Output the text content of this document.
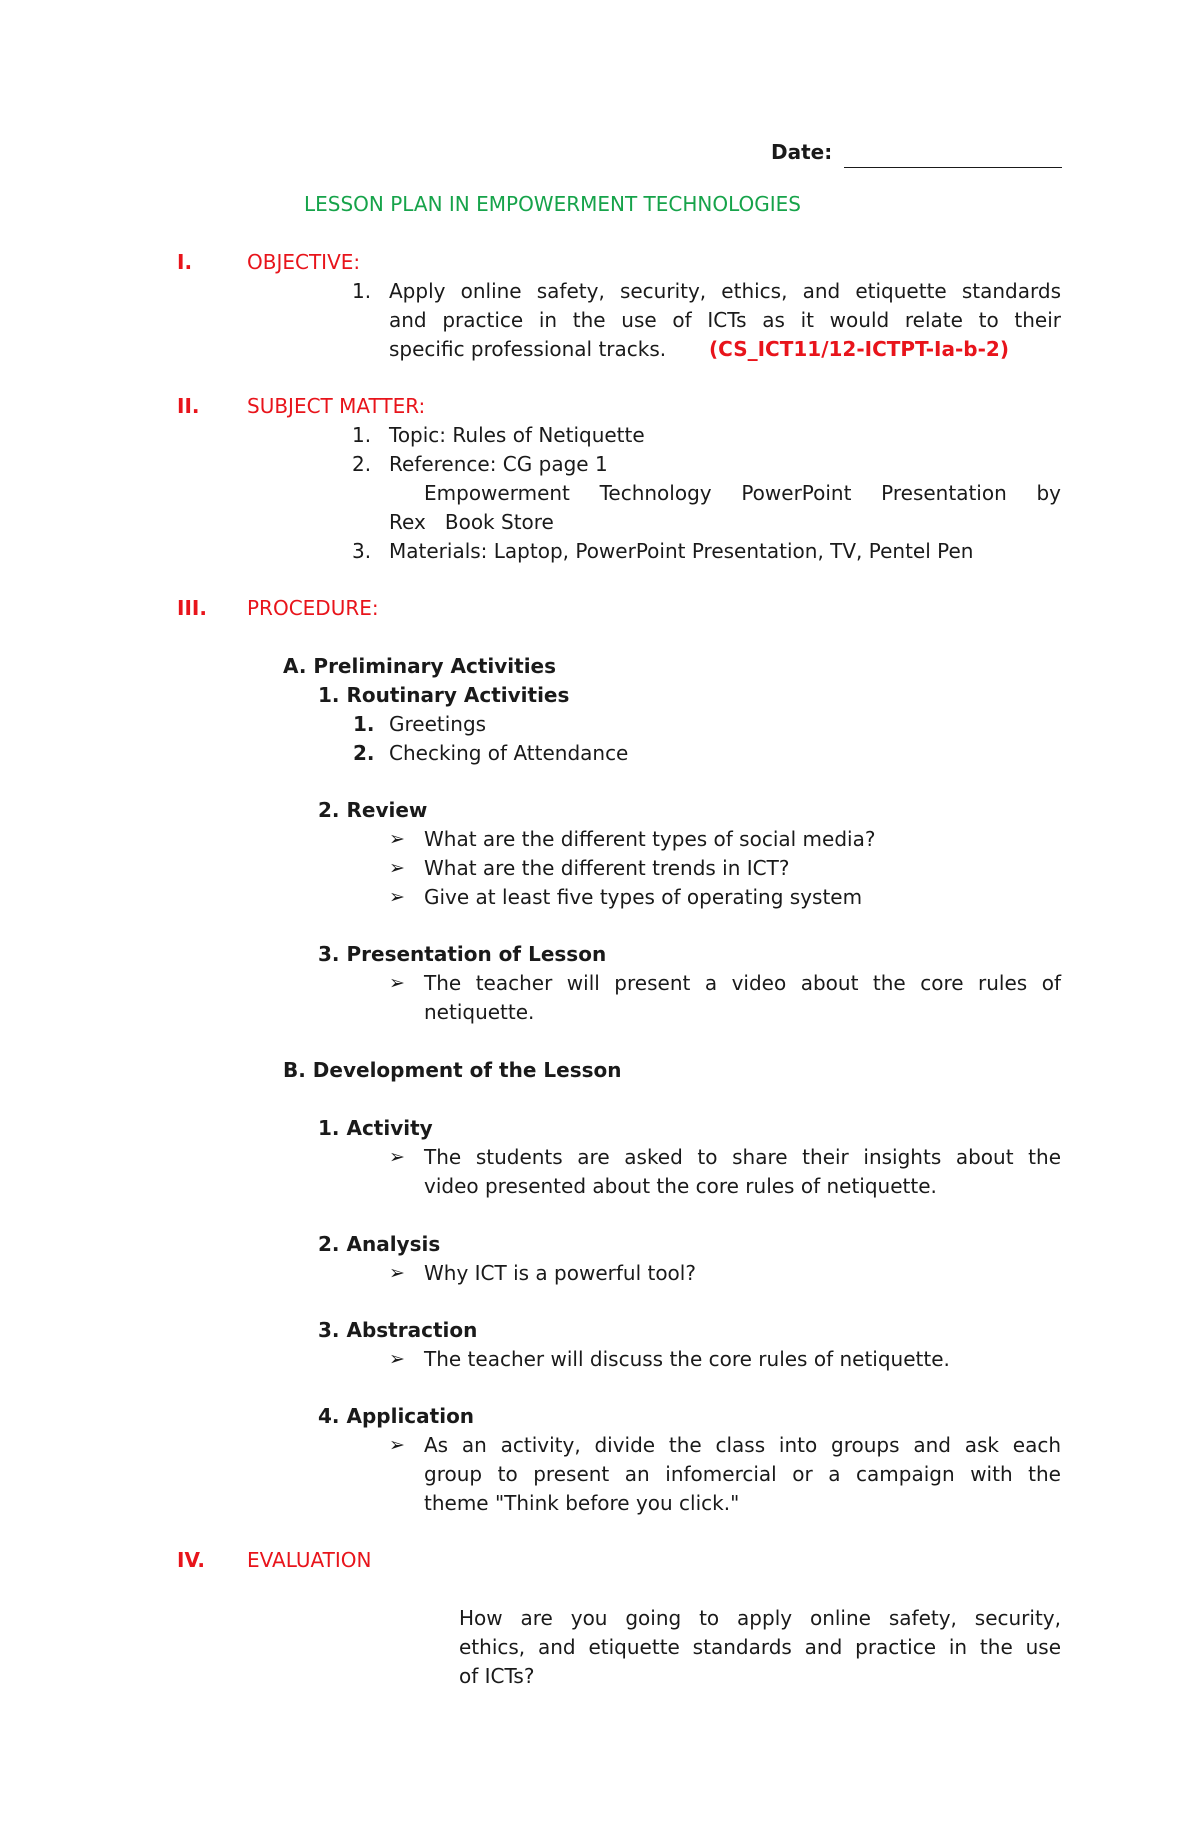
Date:
LESSON PLAN IN EMPOWERMENT TECHNOLOGIES
I.	OBJECTIVE:
1. Apply online safety, security, ethics, and etiquette standards
and practice in the use of ICTs as it would relate to their
specific professional tracks. (CS_ICT11/12-ICTPT-Ia-b-2)
II. SUBJECT MATTER:
1. Topic: Rules of Netiquette
2. Reference: CG page 1
Empowerment Technology PowerPoint Presentation by
Rex   Book Store
3. Materials: Laptop, PowerPoint Presentation, TV, Pentel Pen
III. PROCEDURE:
A. Preliminary Activities
1. Routinary Activities
1. Greetings
2. Checking of Attendance
2. Review
➢ What are the different types of social media?
➢ What are the different trends in ICT?
➢ Give at least five types of operating system
3. Presentation of Lesson
➢ The teacher will present a video about the core rules of
netiquette.
B. Development of the Lesson
1. Activity
➢ The students are asked to share their insights about the
video presented about the core rules of netiquette.
2. Analysis
➢ Why ICT is a powerful tool?
3. Abstraction
➢ The teacher will discuss the core rules of netiquette.
4. Application
➢ As an activity, divide the class into groups and ask each
group to present an infomercial or a campaign with the
theme "Think before you click."
IV. EVALUATION
How are you going to apply online safety, security,
ethics, and etiquette standards and practice in the use
of ICTs?
